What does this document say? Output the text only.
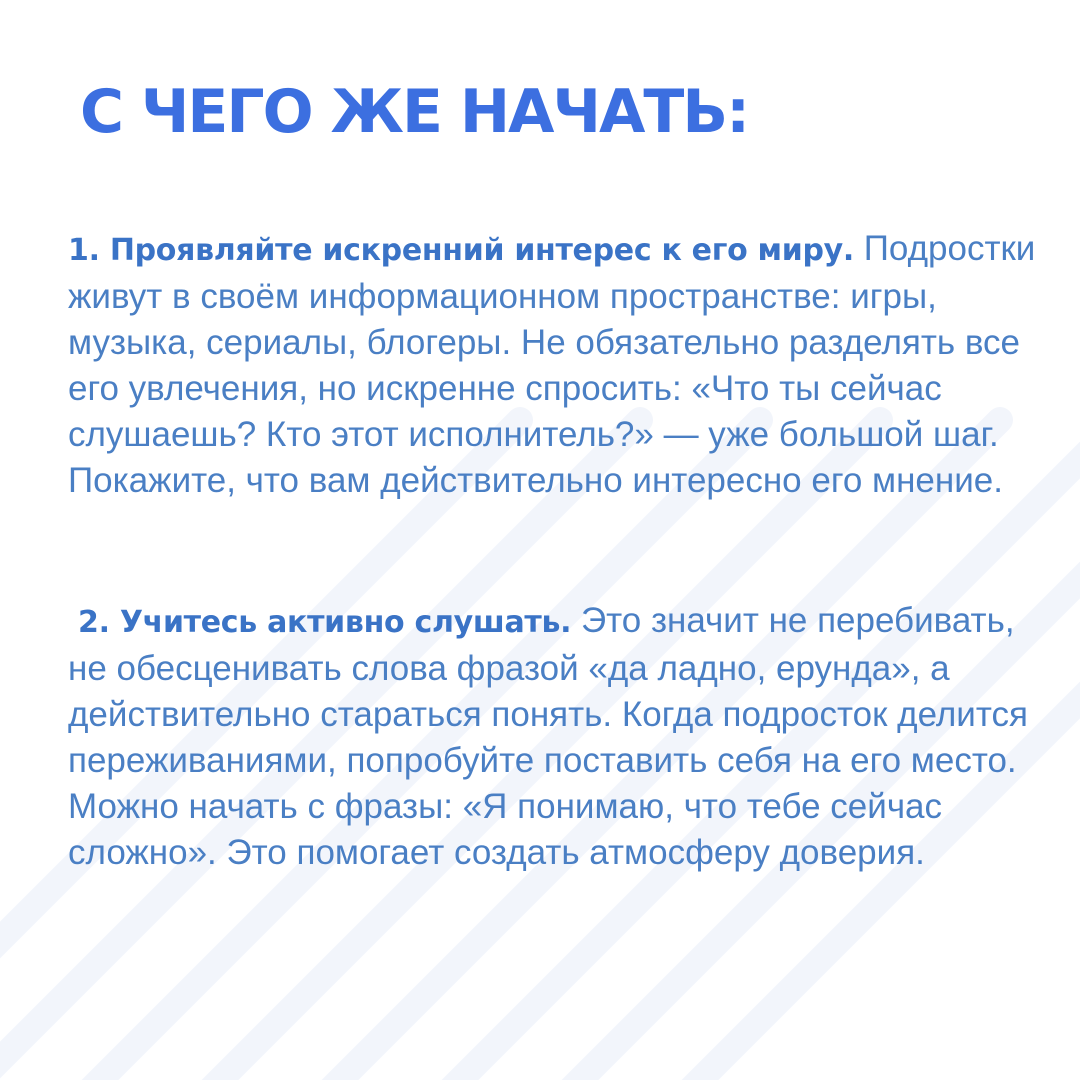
С ЧЕГО ЖЕ НАЧАТЬ:

1. Проявляйте искренний интерес к его миру. Подростки живут в своём информационном пространстве: игры, музыка, сериалы, блогеры. Не обязательно разделять все его увлечения, но искренне спросить: «Что ты сейчас слушаешь? Кто этот исполнитель?» — уже большой шаг. Покажите, что вам действительно интересно его мнение.

2. Учитесь активно слушать. Это значит не перебивать, не обесценивать слова фразой «да ладно, ерунда», а действительно стараться понять. Когда подросток делится переживаниями, попробуйте поставить себя на его место. Можно начать с фразы: «Я понимаю, что тебе сейчас сложно». Это помогает создать атмосферу доверия.
